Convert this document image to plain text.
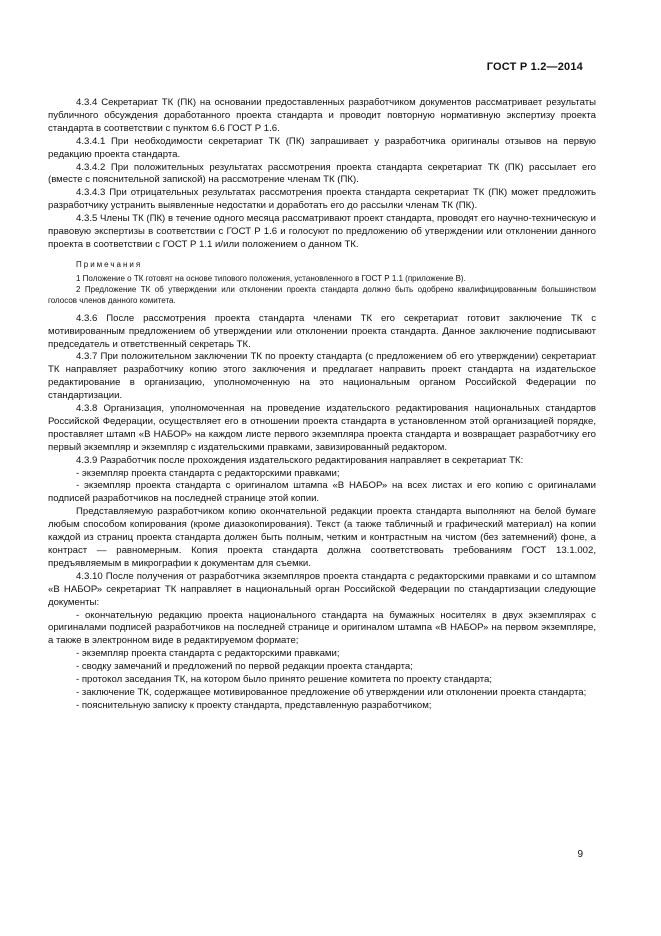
ГОСТ Р 1.2—2014

4.3.4 Секретариат ТК (ПК) на основании предоставленных разработчиком документов рассматривает результаты публичного обсуждения доработанного проекта стандарта и проводит повторную нормативную экспертизу проекта стандарта в соответствии с пунктом 6.6 ГОСТ Р 1.6.

4.3.4.1 При необходимости секретариат ТК (ПК) запрашивает у разработчика оригиналы отзывов на первую редакцию проекта стандарта.

4.3.4.2 При положительных результатах рассмотрения проекта стандарта секретариат ТК (ПК) рассылает его (вместе с пояснительной запиской) на рассмотрение членам ТК (ПК).

4.3.4.3 При отрицательных результатах рассмотрения проекта стандарта секретариат ТК (ПК) может предложить разработчику устранить выявленные недостатки и доработать его до рассылки членам ТК (ПК).

4.3.5 Члены ТК (ПК) в течение одного месяца рассматривают проект стандарта, проводят его научно-техническую и правовую экспертизы в соответствии с ГОСТ Р 1.6 и голосуют по предложению об утверждении или отклонении данного проекта в соответствии с ГОСТ Р 1.1 и/или положением о данном ТК.

Примечания

1 Положение о ТК готовят на основе типового положения, установленного в ГОСТ Р 1.1 (приложение В).

2 Предложение ТК об утверждении или отклонении проекта стандарта должно быть одобрено квалифицированным большинством голосов членов данного комитета.

4.3.6 После рассмотрения проекта стандарта членами ТК его секретариат готовит заключение ТК с мотивированным предложением об утверждении или отклонении проекта стандарта. Данное заключение подписывают председатель и ответственный секретарь ТК.

4.3.7 При положительном заключении ТК по проекту стандарта (с предложением об его утверждении) секретариат ТК направляет разработчику копию этого заключения и предлагает направить проект стандарта на издательское редактирование в организацию, уполномоченную на это национальным органом Российской Федерации по стандартизации.

4.3.8 Организация, уполномоченная на проведение издательского редактирования национальных стандартов Российской Федерации, осуществляет его в отношении проекта стандарта в установленном этой организацией порядке, проставляет штамп «В НАБОР» на каждом листе первого экземпляра проекта стандарта и возвращает разработчику его первый экземпляр и экземпляр с издательскими правками, завизированный редактором.

4.3.9 Разработчик после прохождения издательского редактирования направляет в секретариат ТК:

- экземпляр проекта стандарта с редакторскими правками;

- экземпляр проекта стандарта с оригиналом штампа «В НАБОР» на всех листах и его копию с оригиналами подписей разработчиков на последней странице этой копии.

Представляемую разработчиком копию окончательной редакции проекта стандарта выполняют на белой бумаге любым способом копирования (кроме диазокопирования). Текст (а также табличный и графический материал) на копии каждой из страниц проекта стандарта должен быть полным, четким и контрастным на чистом (без затемнений) фоне, а контраст — равномерным. Копия проекта стандарта должна соответствовать требованиям ГОСТ 13.1.002, предъявляемым в микрографии к документам для съемки.

4.3.10 После получения от разработчика экземпляров проекта стандарта с редакторскими правками и со штампом «В НАБОР» секретариат ТК направляет в национальный орган Российской Федерации по стандартизации следующие документы:

- окончательную редакцию проекта национального стандарта на бумажных носителях в двух экземплярах с оригиналами подписей разработчиков на последней странице и оригиналом штампа «В НАБОР» на первом экземпляре, а также в электронном виде в редактируемом формате;

- экземпляр проекта стандарта с редакторскими правками;

- сводку замечаний и предложений по первой редакции проекта стандарта;

- протокол заседания ТК, на котором было принято решение комитета по проекту стандарта;

- заключение ТК, содержащее мотивированное предложение об утверждении или отклонении проекта стандарта;

- пояснительную записку к проекту стандарта, представленную разработчиком;

9
